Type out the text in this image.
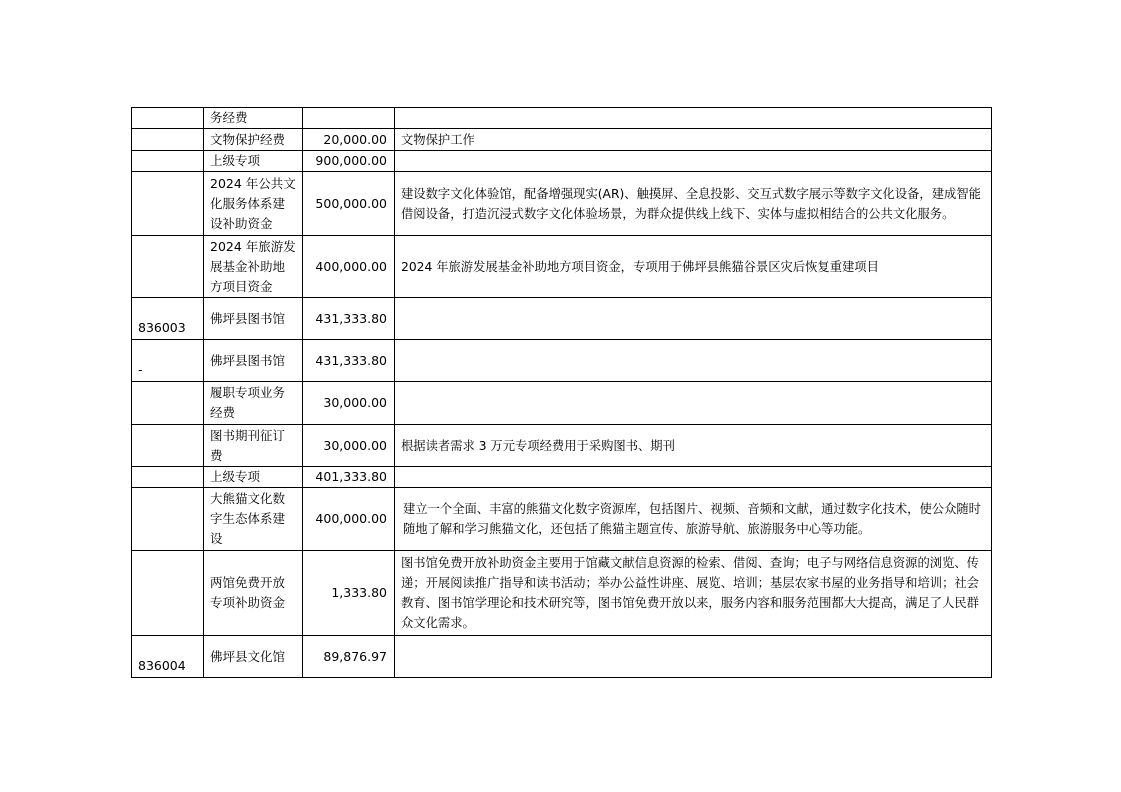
	务经费		
	文物保护经费	20,000.00	文物保护工作
	上级专项	900,000.00	
	2024 年公共文化服务体系建设补助资金	500,000.00	建设数字文化体验馆，配备增强现实(AR)、触摸屏、全息投影、交互式数字展示等数字文化设备，建成智能借阅设备，打造沉浸式数字文化体验场景，为群众提供线上线下、实体与虚拟相结合的公共文化服务。
	2024 年旅游发展基金补助地方项目资金	400,000.00	2024 年旅游发展基金补助地方项目资金，专项用于佛坪县熊猫谷景区灾后恢复重建项目
836003	佛坪县图书馆	431,333.80	
-	佛坪县图书馆	431,333.80	
	履职专项业务经费	30,000.00	
	图书期刊征订费	30,000.00	根据读者需求 3 万元专项经费用于采购图书、期刊
	上级专项	401,333.80	
	大熊猫文化数字生态体系建设	400,000.00	建立一个全面、丰富的熊猫文化数字资源库，包括图片、视频、音频和文献，通过数字化技术，使公众随时随地了解和学习熊猫文化，还包括了熊猫主题宣传、旅游导航、旅游服务中心等功能。
	两馆免费开放专项补助资金	1,333.80	图书馆免费开放补助资金主要用于馆藏文献信息资源的检索、借阅、查询；电子与网络信息资源的浏览、传递；开展阅读推广指导和读书活动；举办公益性讲座、展览、培训；基层农家书屋的业务指导和培训；社会教育、图书馆学理论和技术研究等，图书馆免费开放以来，服务内容和服务范围都大大提高，满足了人民群众文化需求。
836004	佛坪县文化馆	89,876.97	
